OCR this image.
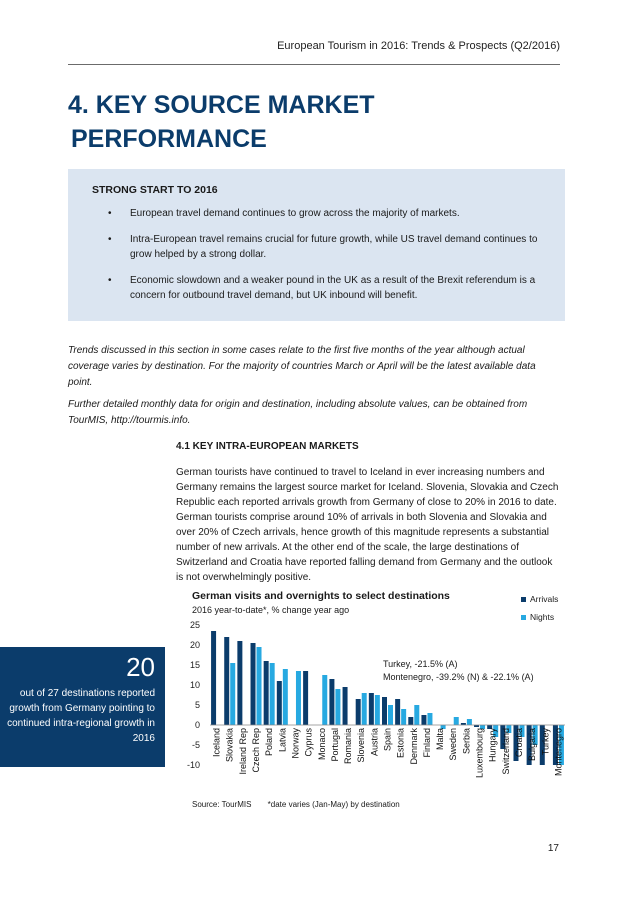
European Tourism in 2016: Trends & Prospects (Q2/2016)
4. KEY SOURCE MARKET
PERFORMANCE
STRONG START TO 2016
• European travel demand continues to grow across the majority of markets.
• Intra-European travel remains crucial for future growth, while US travel demand continues to grow helped by a strong dollar.
• Economic slowdown and a weaker pound in the UK as a result of the Brexit referendum is a concern for outbound travel demand, but UK inbound will benefit.
Trends discussed in this section in some cases relate to the first five months of the year although actual coverage varies by destination. For the majority of countries March or April will be the latest available data point.
Further detailed monthly data for origin and destination, including absolute values, can be obtained from TourMIS, http://tourmis.info.
4.1 KEY INTRA-EUROPEAN MARKETS
German tourists have continued to travel to Iceland in ever increasing numbers and Germany remains the largest source market for Iceland. Slovenia, Slovakia and Czech Republic each reported arrivals growth from Germany of close to 20% in 2016 to date. German tourists comprise around 10% of arrivals in both Slovenia and Slovakia and over 20% of Czech arrivals, hence growth of this magnitude represents a substantial number of new arrivals. At the other end of the scale, the large destinations of Switzerland and Croatia have reported falling demand from Germany and the outlook is not overwhelmingly positive.
German visits and overnights to select destinations
2016 year-to-date*, % change year ago
Arrivals
Nights
25
20
15
10
5
0
-5
-10
Iceland Slovakia Ireland Rep Czech Rep Poland Latvia Norway Cyprus Monaco Portugal Romania Slovenia Austria Spain Estonia Denmark Finland Malta Sweden Serbia Luxembourg Hungary Switzerland Croatia Bulgaria Turkey Montenegro
Turkey, -21.5% (A)
Montenegro, -39.2% (N) & -22.1% (A)
Source: TourMIS *date varies (Jan-May) by destination
20
out of 27 destinations reported growth from Germany pointing to continued intra-regional growth in 2016
17
